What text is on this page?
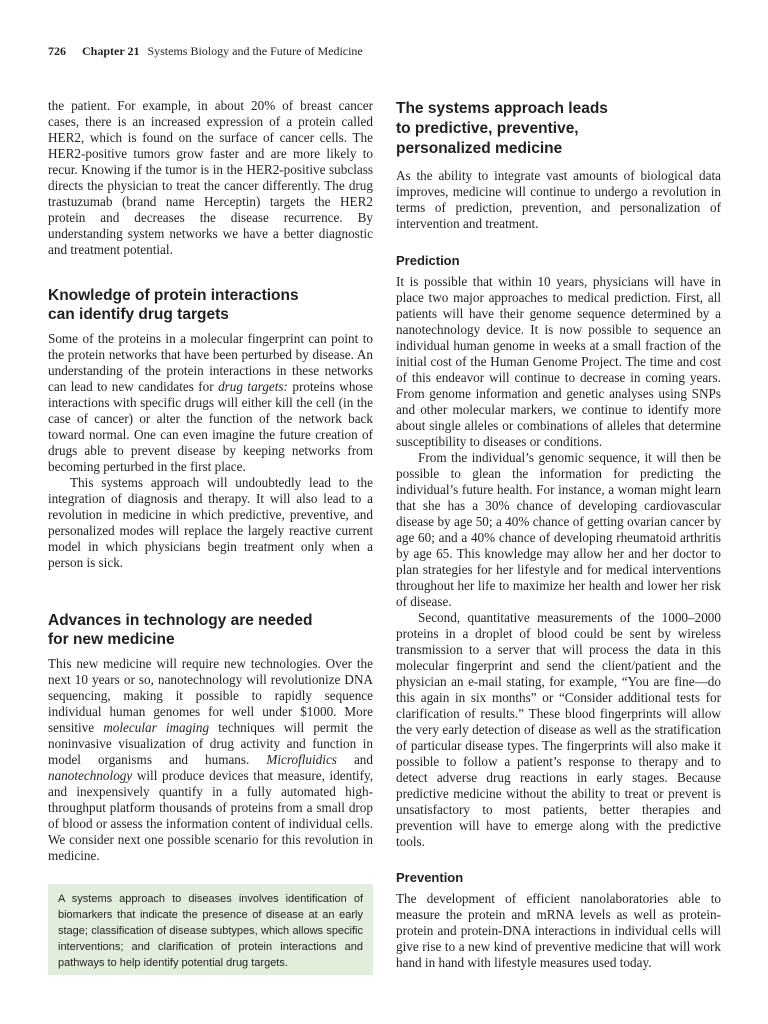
726 Chapter 21 Systems Biology and the Future of Medicine

the patient. For example, in about 20% of breast cancer cases, there is an increased expression of a protein called HER2, which is found on the surface of cancer cells. The HER2-positive tumors grow faster and are more likely to recur. Knowing if the tumor is in the HER2-positive subclass directs the physician to treat the cancer differently. The drug trastuzumab (brand name Herceptin) targets the HER2 protein and decreases the disease recurrence. By understanding system networks we have a better diagnostic and treatment potential.

Knowledge of protein interactions
can identify drug targets

Some of the proteins in a molecular fingerprint can point to the protein networks that have been perturbed by disease. An understanding of the protein interactions in these networks can lead to new candidates for drug targets: proteins whose interactions with specific drugs will either kill the cell (in the case of cancer) or alter the function of the network back toward normal. One can even imagine the future creation of drugs able to prevent disease by keeping networks from becoming perturbed in the first place.

This systems approach will undoubtedly lead to the integration of diagnosis and therapy. It will also lead to a revolution in medicine in which predictive, preventive, and personalized modes will replace the largely reactive current model in which physicians begin treatment only when a person is sick.

Advances in technology are needed
for new medicine

This new medicine will require new technologies. Over the next 10 years or so, nanotechnology will revolutionize DNA sequencing, making it possible to rapidly sequence individual human genomes for well under $1000. More sensitive molecular imaging techniques will permit the noninvasive visualization of drug activity and function in model organisms and humans. Microfluidics and nanotechnology will produce devices that measure, identify, and inexpensively quantify in a fully automated high-throughput platform thousands of proteins from a small drop of blood or assess the information content of individual cells. We consider next one possible scenario for this revolution in medicine.

A systems approach to diseases involves identification of biomarkers that indicate the presence of disease at an early stage; classification of disease subtypes, which allows specific interventions; and clarification of protein interactions and pathways to help identify potential drug targets.
The systems approach leads
to predictive, preventive,
personalized medicine

As the ability to integrate vast amounts of biological data improves, medicine will continue to undergo a revolution in terms of prediction, prevention, and personalization of intervention and treatment.

Prediction

It is possible that within 10 years, physicians will have in place two major approaches to medical prediction. First, all patients will have their genome sequence determined by a nanotechnology device. It is now possible to sequence an individual human genome in weeks at a small fraction of the initial cost of the Human Genome Project. The time and cost of this endeavor will continue to decrease in coming years. From genome information and genetic analyses using SNPs and other molecular markers, we continue to identify more about single alleles or combinations of alleles that determine susceptibility to diseases or conditions.

From the individual’s genomic sequence, it will then be possible to glean the information for predicting the individual’s future health. For instance, a woman might learn that she has a 30% chance of developing cardiovascular disease by age 50; a 40% chance of getting ovarian cancer by age 60; and a 40% chance of developing rheumatoid arthritis by age 65. This knowledge may allow her and her doctor to plan strategies for her lifestyle and for medical interventions throughout her life to maximize her health and lower her risk of disease.

Second, quantitative measurements of the 1000–2000 proteins in a droplet of blood could be sent by wireless transmission to a server that will process the data in this molecular fingerprint and send the client/patient and the physician an e-mail stating, for example, “You are fine—do this again in six months” or “Consider additional tests for clarification of results.” These blood fingerprints will allow the very early detection of disease as well as the stratification of particular disease types. The fingerprints will also make it possible to follow a patient’s response to therapy and to detect adverse drug reactions in early stages. Because predictive medicine without the ability to treat or prevent is unsatisfactory to most patients, better therapies and prevention will have to emerge along with the predictive tools.

Prevention

The development of efficient nanolaboratories able to measure the protein and mRNA levels as well as protein-protein and protein-DNA interactions in individual cells will give rise to a new kind of preventive medicine that will work hand in hand with lifestyle measures used today.
